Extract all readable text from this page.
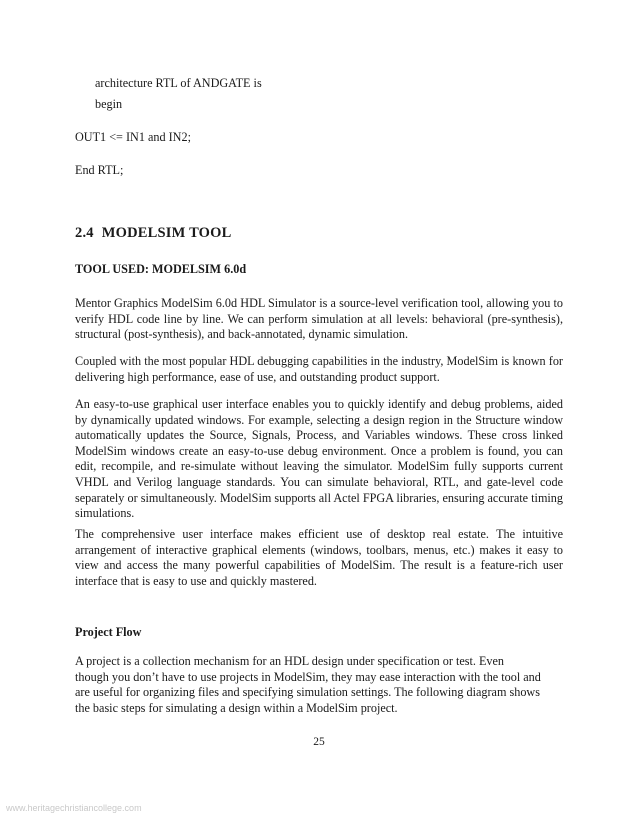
architecture RTL of ANDGATE is
begin
OUT1 <= IN1 and IN2;
End RTL;
2.4 MODELSIM TOOL
TOOL USED: MODELSIM 6.0d

Mentor Graphics ModelSim 6.0d HDL Simulator is a source-level verification tool, allowing you to verify HDL code line by line. We can perform simulation at all levels: behavioral (pre-synthesis), structural (post-synthesis), and back-annotated, dynamic simulation.

Coupled with the most popular HDL debugging capabilities in the industry, ModelSim is known for delivering high performance, ease of use, and outstanding product support.

An easy-to-use graphical user interface enables you to quickly identify and debug problems, aided by dynamically updated windows. For example, selecting a design region in the Structure window automatically updates the Source, Signals, Process, and Variables windows. These cross linked ModelSim windows create an easy-to-use debug environment. Once a problem is found, you can edit, recompile, and re-simulate without leaving the simulator. ModelSim fully supports current VHDL and Verilog language standards. You can simulate behavioral, RTL, and gate-level code separately or simultaneously. ModelSim supports all Actel FPGA libraries, ensuring accurate timing simulations.

The comprehensive user interface makes efficient use of desktop real estate. The intuitive arrangement of interactive graphical elements (windows, toolbars, menus, etc.) makes it easy to view and access the many powerful capabilities of ModelSim. The result is a feature-rich user interface that is easy to use and quickly mastered.

Project Flow
A project is a collection mechanism for an HDL design under specification or test. Even
though you don’t have to use projects in ModelSim, they may ease interaction with the tool and
are useful for organizing files and specifying simulation settings. The following diagram shows
the basic steps for simulating a design within a ModelSim project.
25
www.heritagechristiancollege.com
